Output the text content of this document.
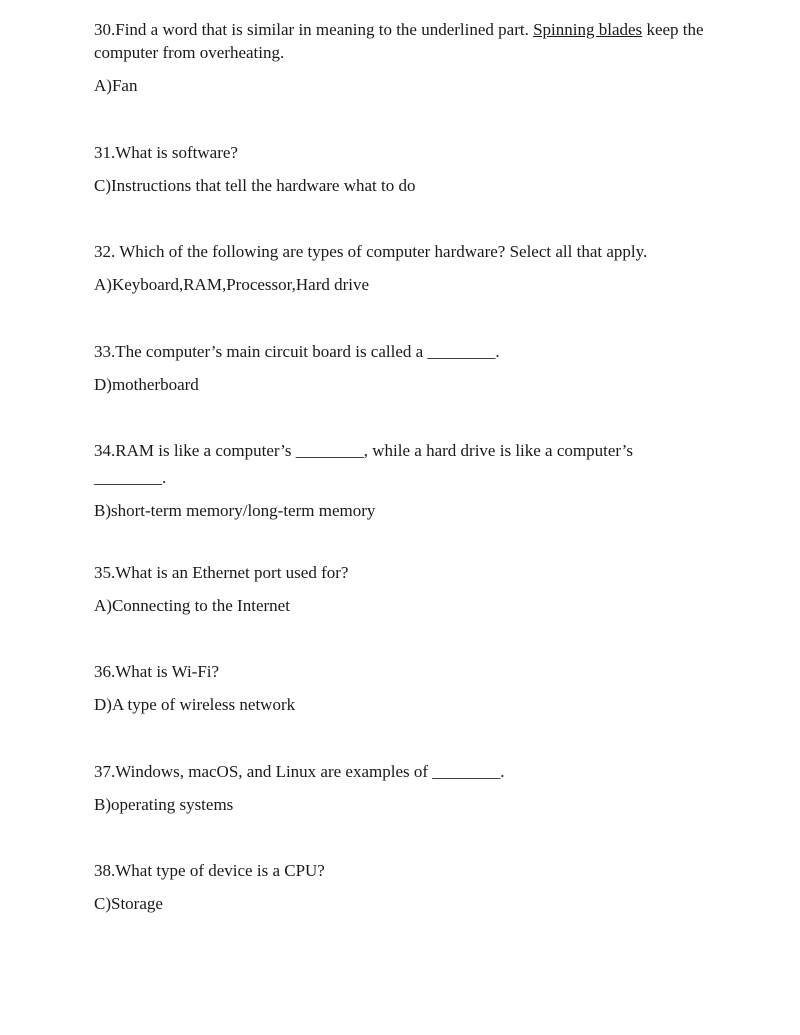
30.Find a word that is similar in meaning to the underlined part. Spinning blades keep the computer from overheating.

A)Fan

31.What is software?

C)Instructions that tell the hardware what to do

32. Which of the following are types of computer hardware? Select all that apply.

A)Keyboard,RAM,Processor,Hard drive

33.The computer’s main circuit board is called a ________.

D)motherboard

34.RAM is like a computer’s ________, while a hard drive is like a computer’s

________.

B)short-term memory/long-term memory

35.What is an Ethernet port used for?

A)Connecting to the Internet

36.What is Wi-Fi?

D)A type of wireless network

37.Windows, macOS, and Linux are examples of ________.

B)operating systems

38.What type of device is a CPU?

C)Storage
